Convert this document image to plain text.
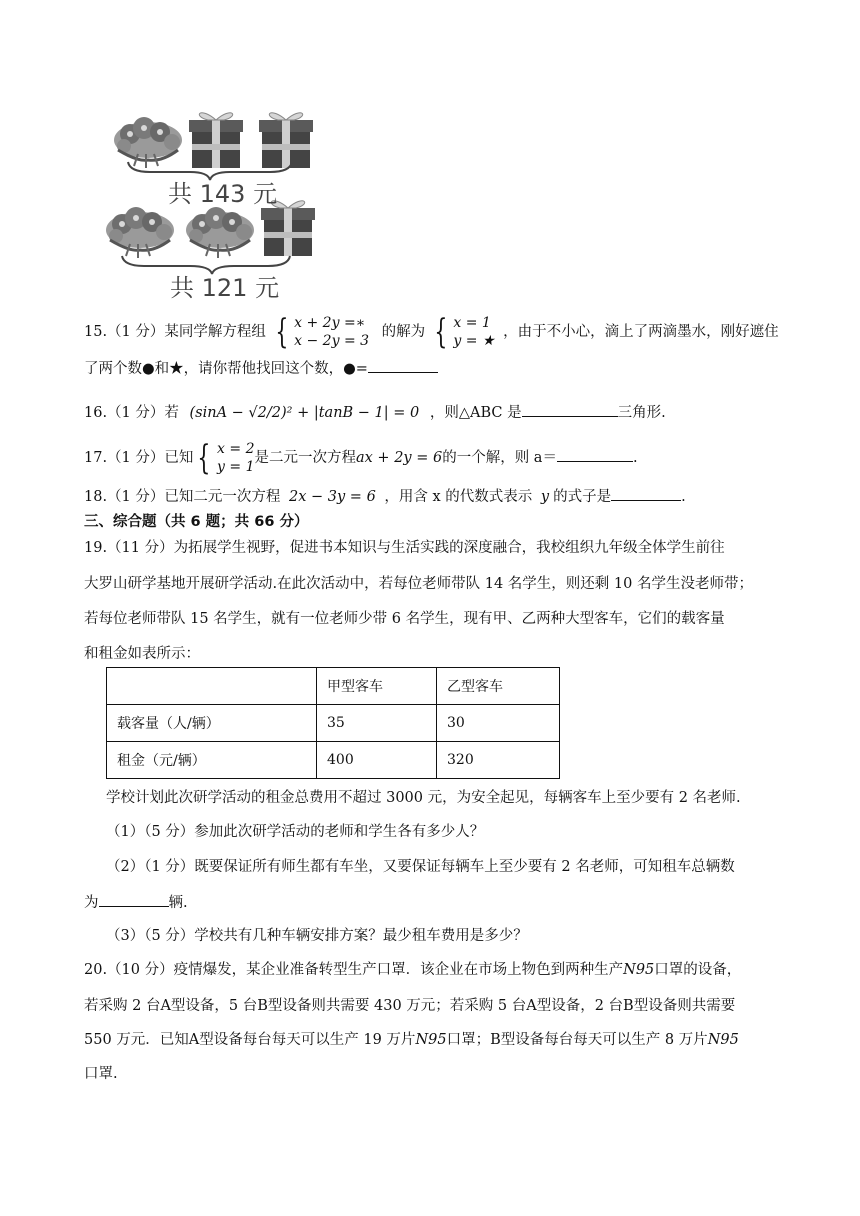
共 143 元
共 121 元
15.（1 分）某同学解方程组 { x + 2y =∗
x − 2y = 3
的解为 { x = 1
y = ★
，由于不小心，滴上了两滴墨水，刚好遮住
了两个数●和★，请你帮他找回这个数，●=
16.（1 分）若 (sinA − √2/2)² + |tanB − 1| = 0 ，则△ABC 是	三角形.
17.（1 分）已知 { x = 2
y = 1
是二元一次方程ax + 2y = 6的一个解，则 a＝	.
18.（1 分）已知二元一次方程 2x − 3y = 6 ，用含 x 的代数式表示 y 的式子是	.
三、综合题（共 6 题；共 66 分）
19.（11 分）为拓展学生视野，促进书本知识与生活实践的深度融合，我校组织九年级全体学生前往
大罗山研学基地开展研学活动.在此次活动中，若每位老师带队 14 名学生，则还剩 10 名学生没老师带；
若每位老师带队 15 名学生，就有一位老师少带 6 名学生，现有甲、乙两种大型客车，它们的载客量
和租金如表所示：
	甲型客车	乙型客车
载客量（人/辆）	35	30
租金（元/辆）	400	320
学校计划此次研学活动的租金总费用不超过 3000 元，为安全起见，每辆客车上至少要有 2 名老师.
（1）（5 分）参加此次研学活动的老师和学生各有多少人？
（2）（1 分）既要保证所有师生都有车坐，又要保证每辆车上至少要有 2 名老师，可知租车总辆数
为	辆.
（3）（5 分）学校共有几种车辆安排方案？最少租车费用是多少？
20.（10 分）疫情爆发，某企业准备转型生产口罩．该企业在市场上物色到两种生产N95口罩的设备，
若采购 2 台A型设备，5 台B型设备则共需要 430 万元；若采购 5 台A型设备，2 台B型设备则共需要
550 万元．已知A型设备每台每天可以生产 19 万片N95口罩；B型设备每台每天可以生产 8 万片N95
口罩.
